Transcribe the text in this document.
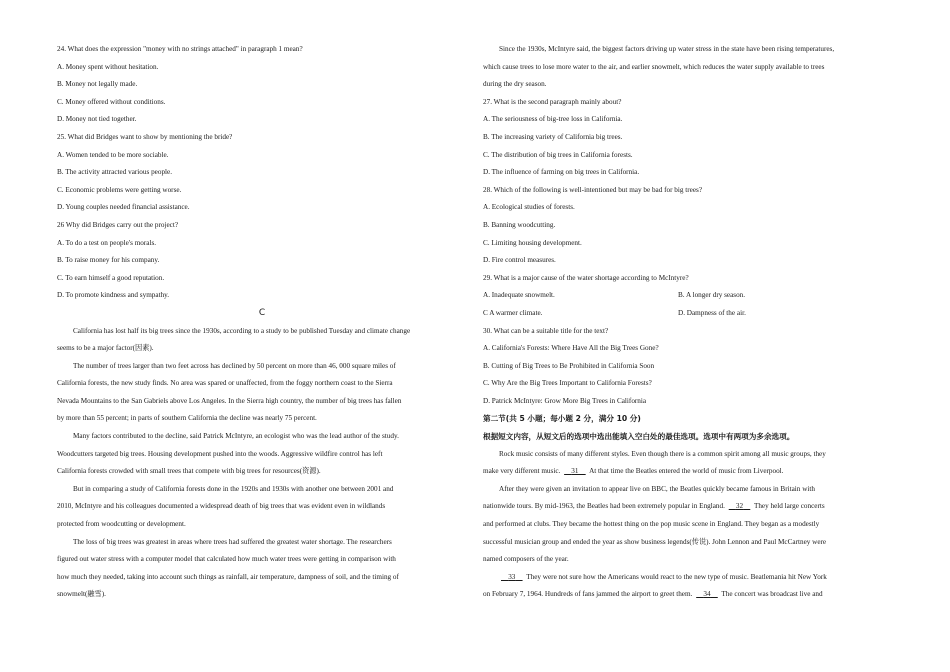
24. What does the expression "money with no strings attached" in paragraph 1 mean?
A. Money spent without hesitation.
B. Money not legally made.
C. Money offered without conditions.
D. Money not tied together.
25. What did Bridges want to show by mentioning the bride?
A. Women tended to be more sociable.
B. The activity attracted various people.
C. Economic problems were getting worse.
D. Young couples needed financial assistance.
26 Why did Bridges carry out the project?
A. To do a test on people's morals.
B. To raise money for his company.
C. To earn himself a good reputation.
D. To promote kindness and sympathy.
C
California has lost half its big trees since the 1930s, according to a study to be published Tuesday and climate change
seems to be a major factor(因素).
The number of trees larger than two feet across has declined by 50 percent on more than 46, 000 square miles of
California forests, the new study finds. No area was spared or unaffected, from the foggy northern coast to the Sierra
Nevada Mountains to the San Gabriels above Los Angeles. In the Sierra high country, the number of big trees has fallen
by more than 55 percent; in parts of southern California the decline was nearly 75 percent.
Many factors contributed to the decline, said Patrick McIntyre, an ecologist who was the lead author of the study.
Woodcutters targeted big trees. Housing development pushed into the woods. Aggressive wildfire control has left
California forests crowded with small trees that compete with big trees for resources(资源).
But in comparing a study of California forests done in the 1920s and 1930s with another one between 2001 and
2010, McIntyre and his colleagues documented a widespread death of big trees that was evident even in wildlands
protected from woodcutting or development.
The loss of big trees was greatest in areas where trees had suffered the greatest water shortage. The researchers
figured out water stress with a computer model that calculated how much water trees were getting in comparison with
how much they needed, taking into account such things as rainfall, air temperature, dampness of soil, and the timing of
snowmelt(融雪).
Since the 1930s, McIntyre said, the biggest factors driving up water stress in the state have been rising temperatures,
which cause trees to lose more water to the air, and earlier snowmelt, which reduces the water supply available to trees
during the dry season.
27. What is the second paragraph mainly about?
A. The seriousness of big-tree loss in California.
B. The increasing variety of California big trees.
C. The distribution of big trees in California forests.
D. The influence of farming on big trees in California.
28. Which of the following is well-intentioned but may be bad for big trees?
A. Ecological studies of forests.
B. Banning woodcutting.
C. Limiting housing development.
D. Fire control measures.
29. What is a major cause of the water shortage according to McIntyre?
A. Inadequate snowmelt.	B. A longer dry season.
C A warmer climate.	D. Dampness of the air.
30. What can be a suitable title for the text?
A. California's Forests: Where Have All the Big Trees Gone?
B. Cutting of Big Trees to Be Prohibited in California Soon
C. Why Are the Big Trees Important to California Forests?
D. Patrick McIntyre: Grow More Big Trees in California
第二节(共 5 小题；每小题 2 分，满分 10 分)
根据短文内容，从短文后的选项中选出能填入空白处的最佳选项。选项中有两项为多余选项。
Rock music consists of many different styles. Even though there is a common spirit among all music groups, they
make very different music.     31     At that time the Beatles entered the world of music from Liverpool.
After they were given an invitation to appear live on BBC, the Beatles quickly became famous in Britain with
nationwide tours. By mid-1963, the Beatles had been extremely popular in England.     32     They held large concerts
and performed at clubs. They became the hottest thing on the pop music scene in England. They began as a modestly
successful musician group and ended the year as show business legends(传说). John Lennon and Paul McCartney were
named composers of the year.
33     They were not sure how the Americans would react to the new type of music. Beatlemania hit New York
on February 7, 1964. Hundreds of fans jammed the airport to greet them.     34     The concert was broadcast live and
